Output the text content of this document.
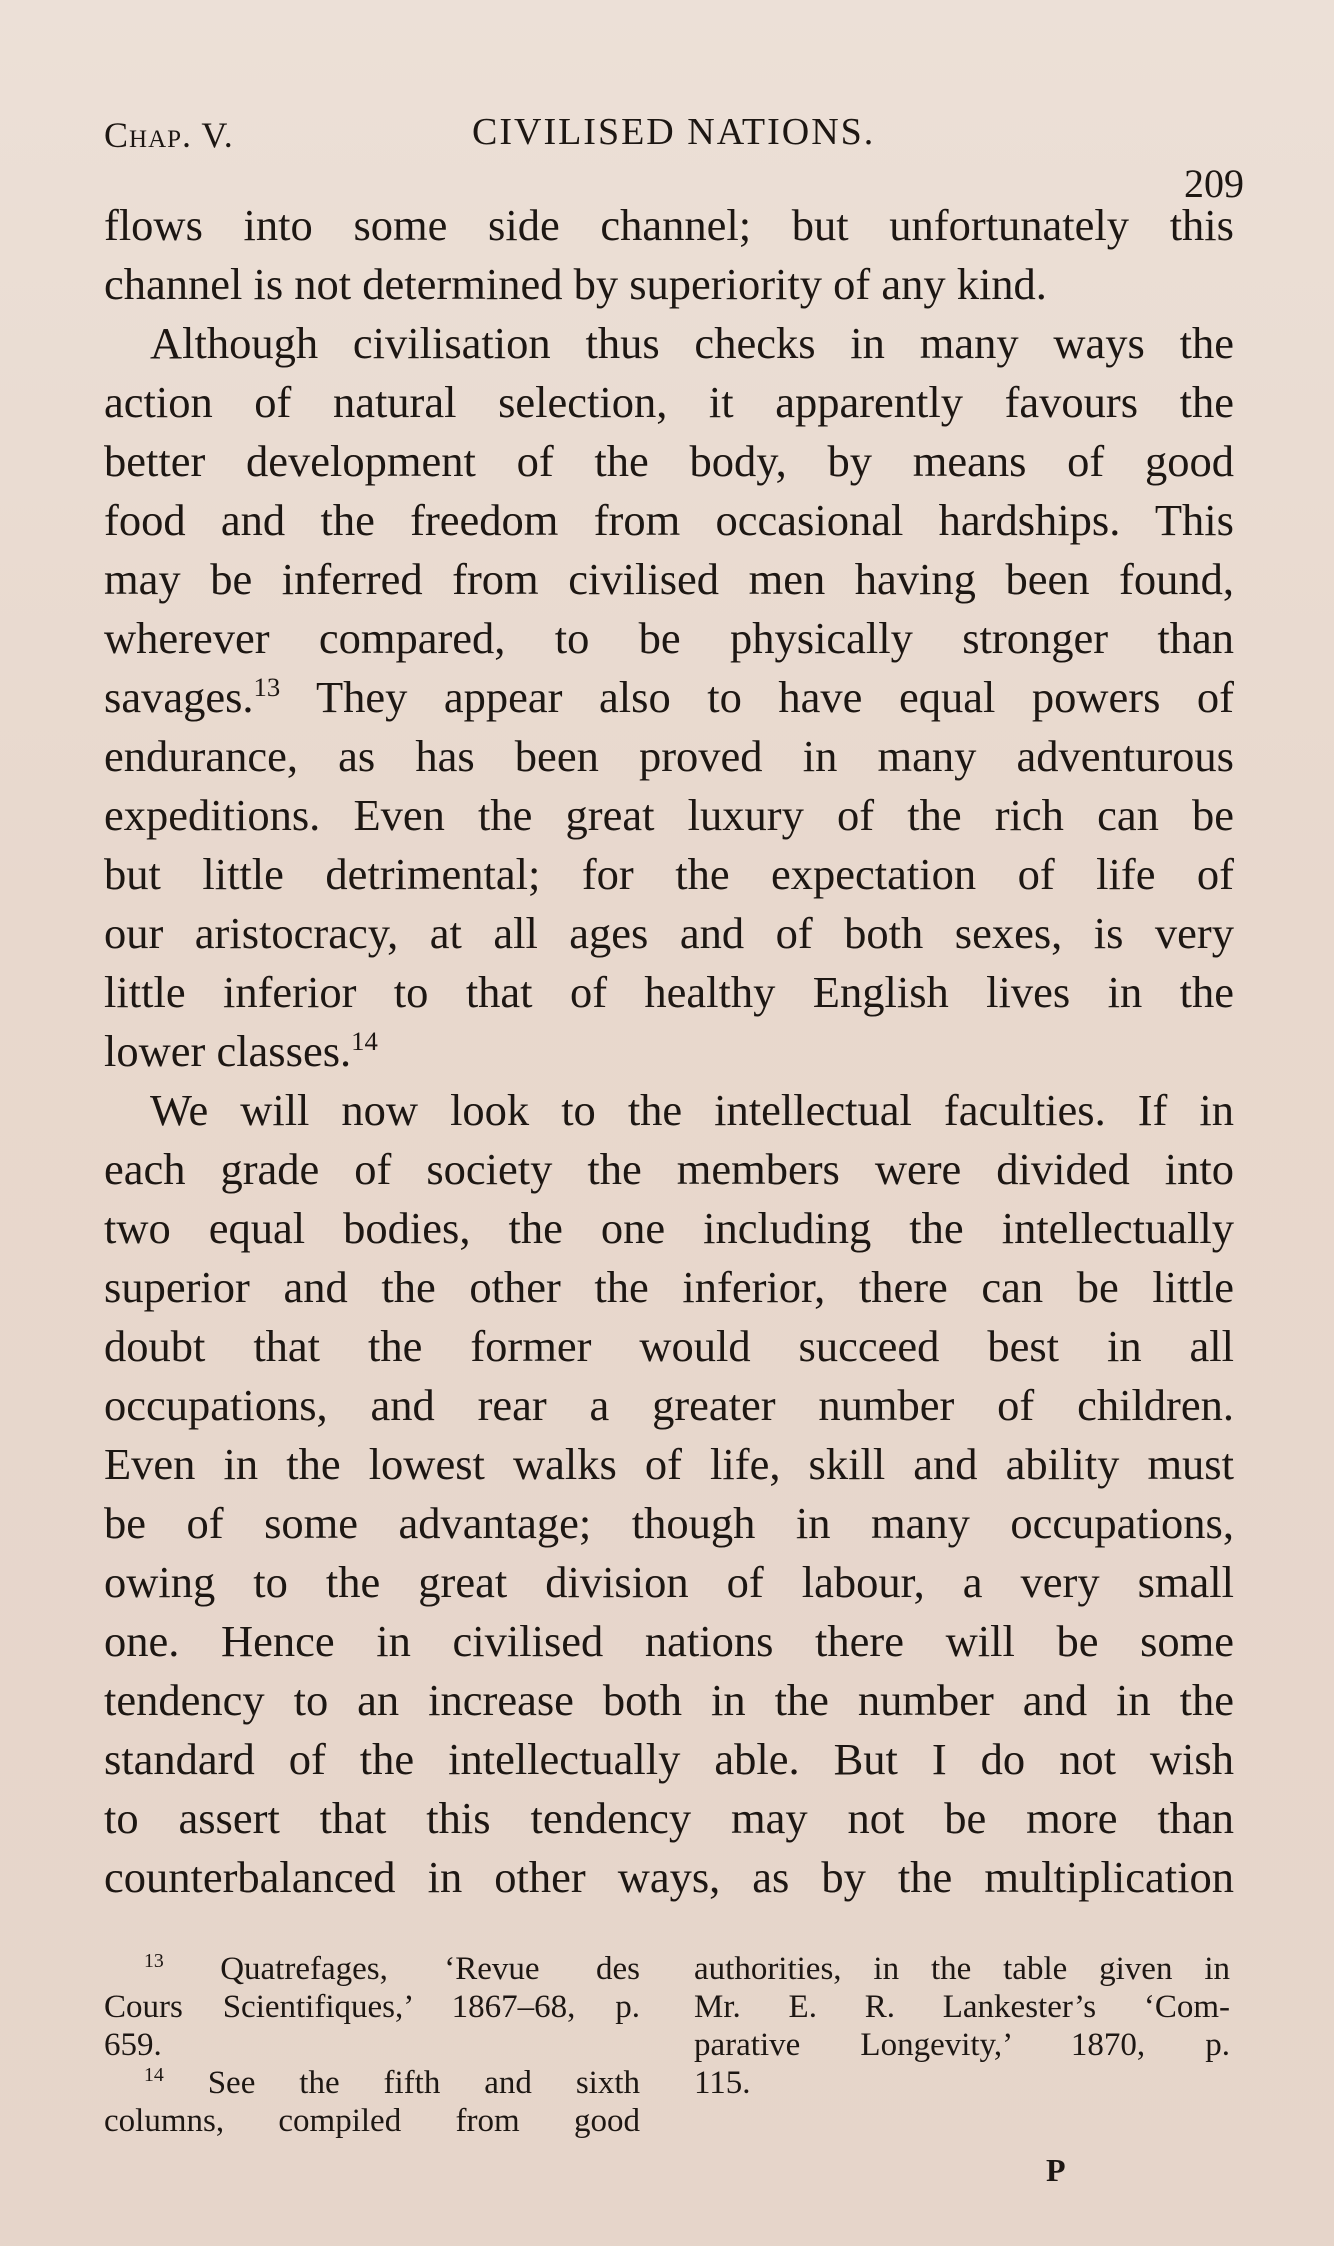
Chap. V.	CIVILISED NATIONS.
209
flows into some side channel; but unfortunately this
channel is not determined by superiority of any kind.
Although civilisation thus checks in many ways the
action of natural selection, it apparently favours the
better development of the body, by means of good
food and the freedom from occasional hardships. This
may be inferred from civilised men having been found,
wherever compared, to be physically stronger than
savages.$^{13}$ They appear also to have equal powers of
endurance, as has been proved in many adventurous
expeditions. Even the great luxury of the rich can be
but little detrimental; for the expectation of life of
our aristocracy, at all ages and of both sexes, is very
little inferior to that of healthy English lives in the
lower classes.$^{14}$
We will now look to the intellectual faculties. If in
each grade of society the members were divided into
two equal bodies, the one including the intellectually
superior and the other the inferior, there can be little
doubt that the former would succeed best in all
occupations, and rear a greater number of children.
Even in the lowest walks of life, skill and ability must
be of some advantage; though in many occupations,
owing to the great division of labour, a very small
one. Hence in civilised nations there will be some
tendency to an increase both in the number and in the
standard of the intellectually able. But I do not wish
to assert that this tendency may not be more than
counterbalanced in other ways, as by the multiplication
$^{13}$ Quatrefages, ‘Revue des
Cours Scientifiques,’ 1867–68, p.
659.
$^{14}$ See the fifth and sixth
columns, compiled from good
authorities, in the table given in
Mr. E. R. Lankester’s ‘Com-
parative Longevity,’ 1870, p.
115.
P
